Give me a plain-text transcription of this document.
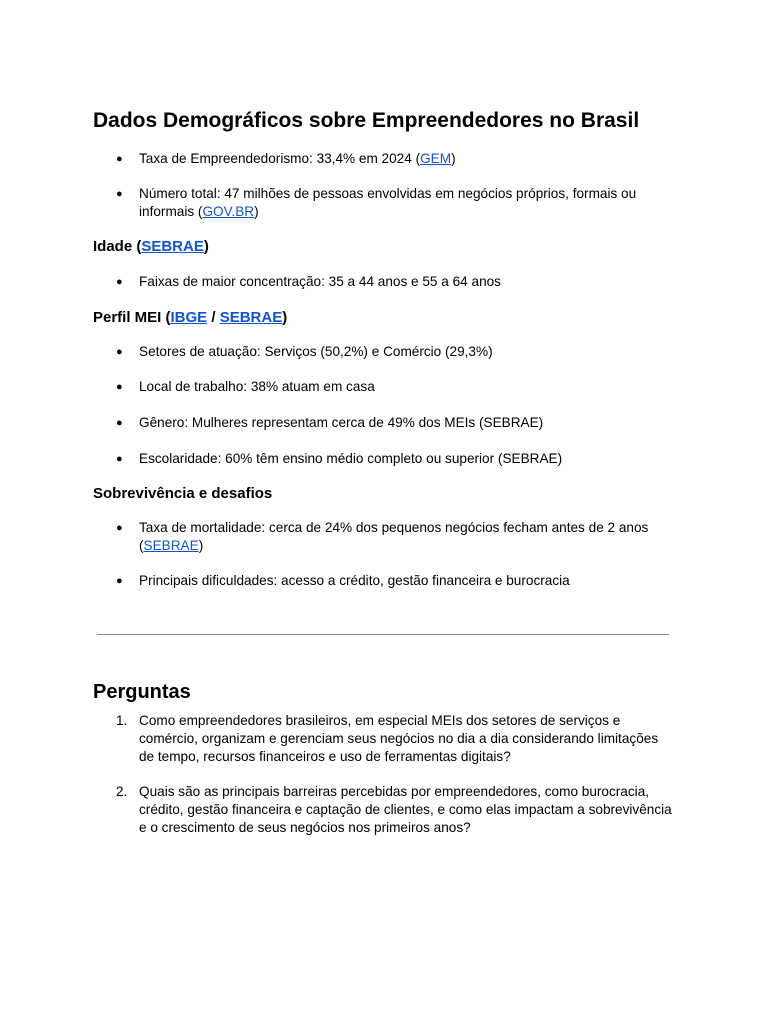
Dados Demográficos sobre Empreendedores no Brasil
● Taxa de Empreendedorismo: 33,4% em 2024 (GEM)
● Número total: 47 milhões de pessoas envolvidas em negócios próprios, formais ou informais (GOV.BR)
Idade (SEBRAE)
● Faixas de maior concentração: 35 a 44 anos e 55 a 64 anos
Perfil MEI (IBGE / SEBRAE)
● Setores de atuação: Serviços (50,2%) e Comércio (29,3%)
● Local de trabalho: 38% atuam em casa
● Gênero: Mulheres representam cerca de 49% dos MEIs (SEBRAE)
● Escolaridade: 60% têm ensino médio completo ou superior (SEBRAE)
Sobrevivência e desafios
● Taxa de mortalidade: cerca de 24% dos pequenos negócios fecham antes de 2 anos (SEBRAE)
● Principais dificuldades: acesso a crédito, gestão financeira e burocracia
Perguntas
1. Como empreendedores brasileiros, em especial MEIs dos setores de serviços e comércio, organizam e gerenciam seus negócios no dia a dia considerando limitações de tempo, recursos financeiros e uso de ferramentas digitais?
2. Quais são as principais barreiras percebidas por empreendedores, como burocracia, crédito, gestão financeira e captação de clientes, e como elas impactam a sobrevivência e o crescimento de seus negócios nos primeiros anos?
